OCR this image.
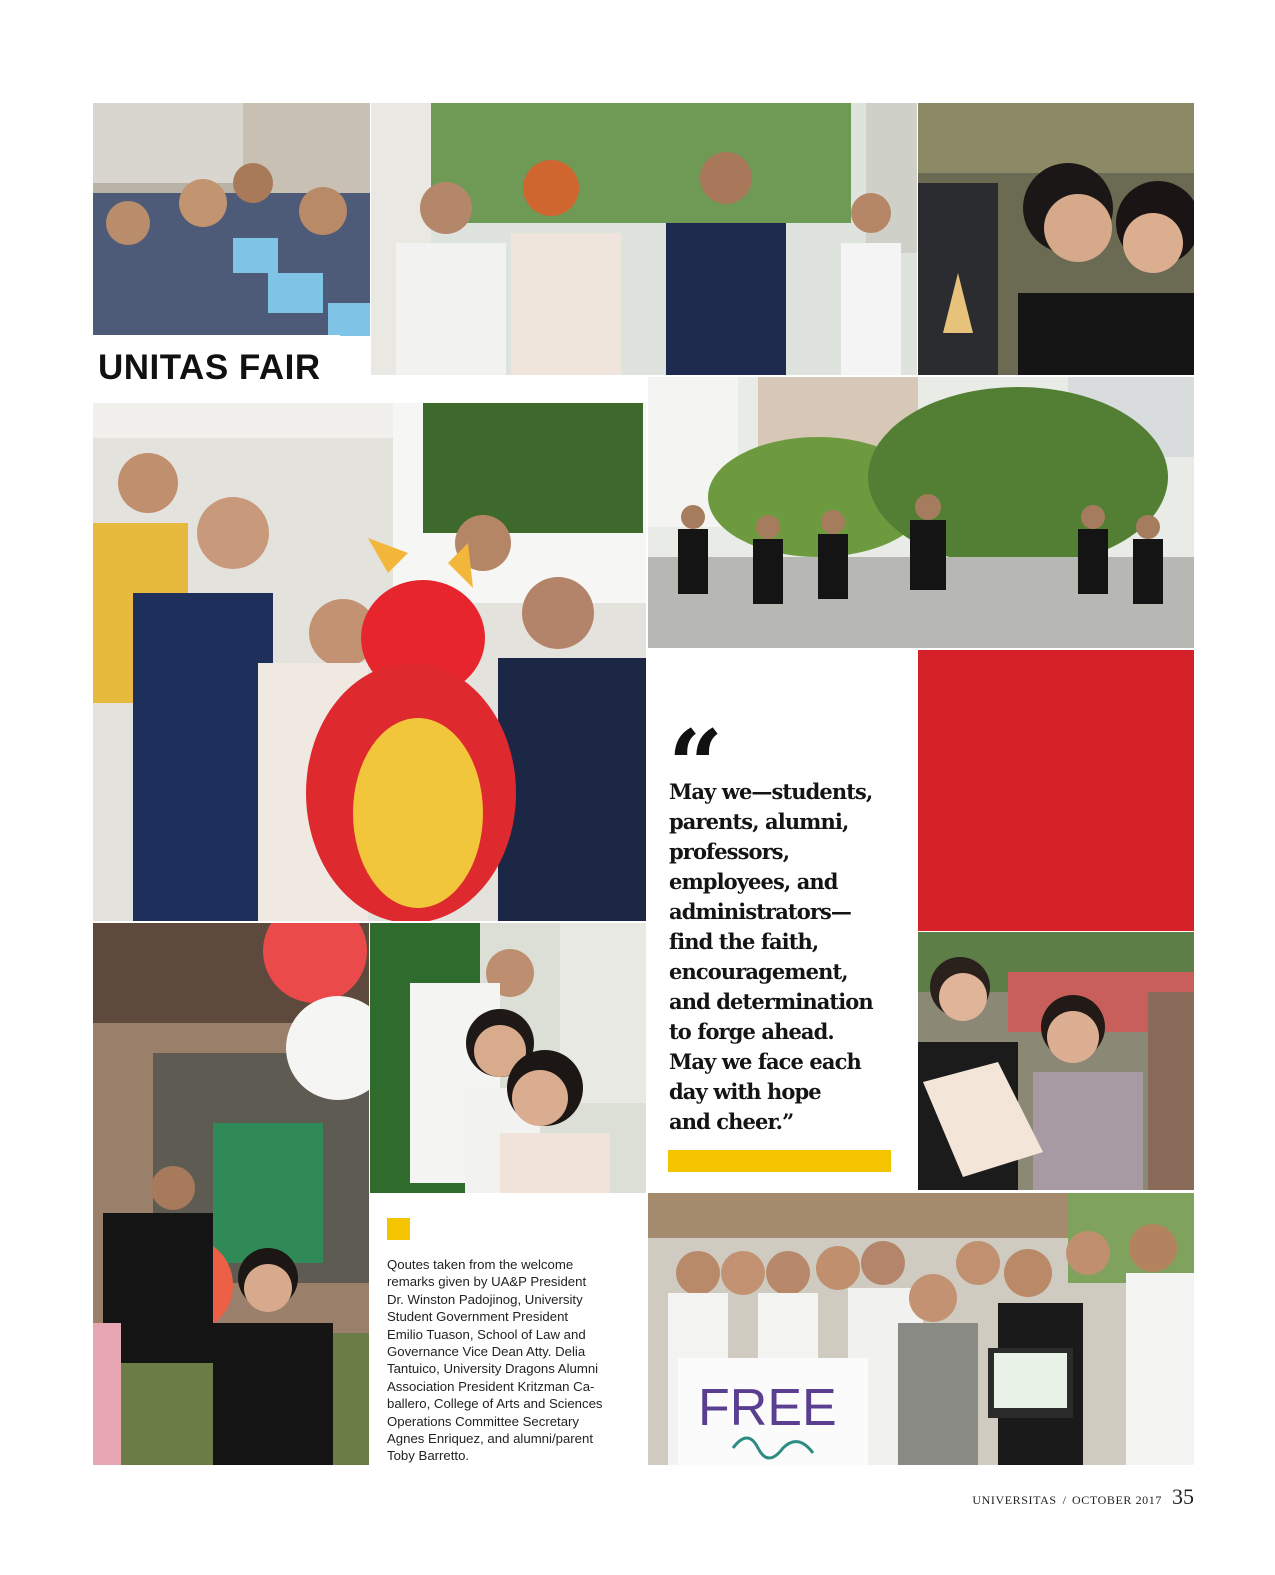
UNITAS FAIR
“
May we—students,
parents, alumni,
professors,
employees, and
administrators—
find the faith,
encouragement,
and determination
to forge ahead.
May we face each
day with hope
and cheer.”
Qoutes taken from the welcome
remarks given by UA&P President
Dr. Winston Padojinog, University
Student Government President
Emilio Tuason, School of Law and
Governance Vice Dean Atty. Delia
Tantuico, University Dragons Alumni
Association President Kritzman Ca-
ballero, College of Arts and Sciences
Operations Committee Secretary
Agnes Enriquez, and alumni/parent
Toby Barretto.
FREE
UNIVERSITAS / OCTOBER 2017 35
